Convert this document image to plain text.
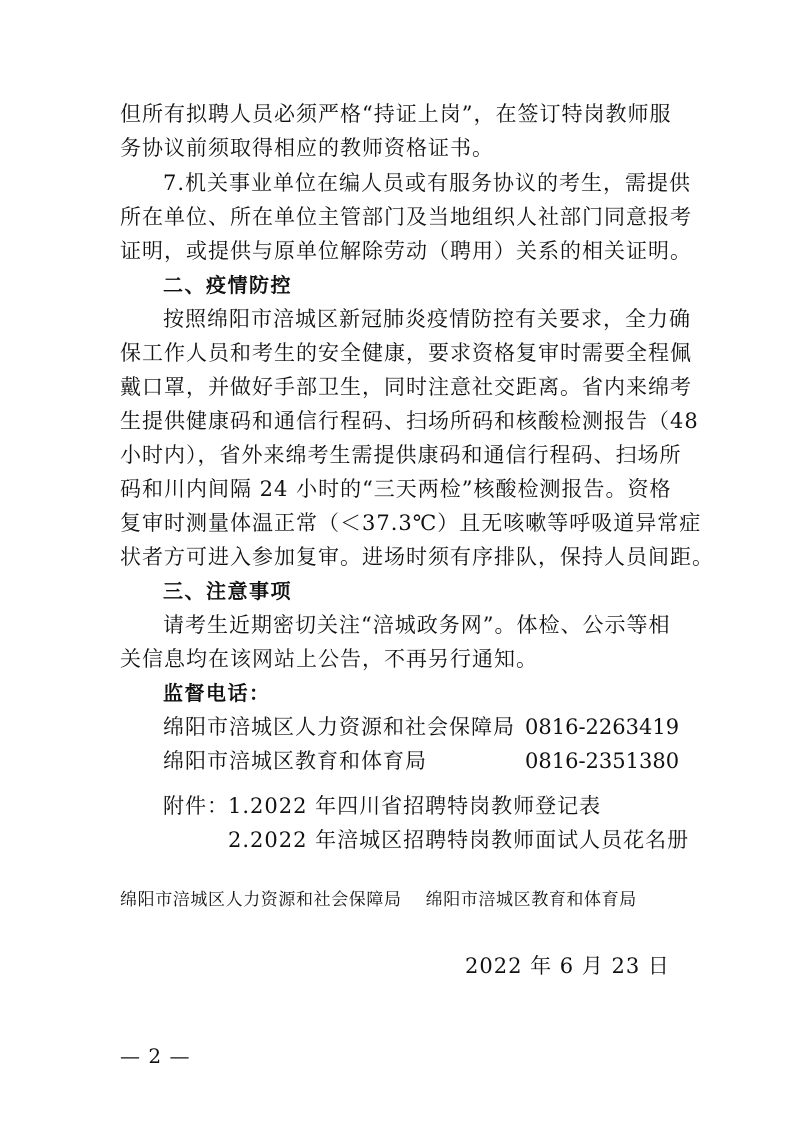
但所有拟聘人员必须严格“持证上岗”，在签订特岗教师服
务协议前须取得相应的教师资格证书。
7.机关事业单位在编人员或有服务协议的考生，需提供
所在单位、所在单位主管部门及当地组织人社部门同意报考
证明，或提供与原单位解除劳动（聘用）关系的相关证明。
二、疫情防控
按照绵阳市涪城区新冠肺炎疫情防控有关要求，全力确
保工作人员和考生的安全健康，要求资格复审时需要全程佩
戴口罩，并做好手部卫生，同时注意社交距离。省内来绵考
生提供健康码和通信行程码、扫场所码和核酸检测报告（48
小时内），省外来绵考生需提供康码和通信行程码、扫场所
码和川内间隔 24 小时的“三天两检”核酸检测报告。资格
复审时测量体温正常（＜37.3℃）且无咳嗽等呼吸道异常症
状者方可进入参加复审。进场时须有序排队，保持人员间距。
三、注意事项
请考生近期密切关注“涪城政务网”。体检、公示等相
关信息均在该网站上公告，不再另行通知。
监督电话：
绵阳市涪城区人力资源和社会保障局 0816-2263419
绵阳市涪城区教育和体育局	0816-2351380
附件： 1.2022 年四川省招聘特岗教师登记表
2.2022 年涪城区招聘特岗教师面试人员花名册
绵阳市涪城区人力资源和社会保障局    绵阳市涪城区教育和体育局
2022 年 6 月 23 日
— 2 —
